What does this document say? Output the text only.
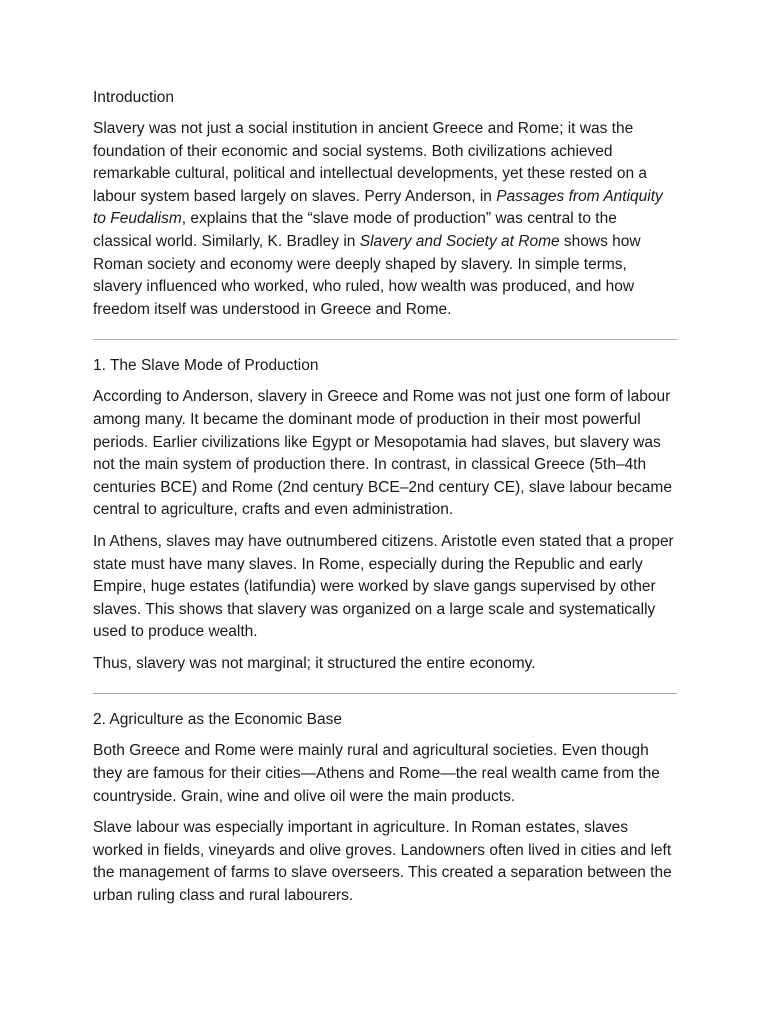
Introduction

Slavery was not just a social institution in ancient Greece and Rome; it was the foundation of their economic and social systems. Both civilizations achieved remarkable cultural, political and intellectual developments, yet these rested on a labour system based largely on slaves. Perry Anderson, in Passages from Antiquity to Feudalism, explains that the “slave mode of production” was central to the classical world. Similarly, K. Bradley in Slavery and Society at Rome shows how Roman society and economy were deeply shaped by slavery. In simple terms, slavery influenced who worked, who ruled, how wealth was produced, and how freedom itself was understood in Greece and Rome.

1. The Slave Mode of Production

According to Anderson, slavery in Greece and Rome was not just one form of labour among many. It became the dominant mode of production in their most powerful periods. Earlier civilizations like Egypt or Mesopotamia had slaves, but slavery was not the main system of production there. In contrast, in classical Greece (5th–4th centuries BCE) and Rome (2nd century BCE–2nd century CE), slave labour became central to agriculture, crafts and even administration.

In Athens, slaves may have outnumbered citizens. Aristotle even stated that a proper state must have many slaves. In Rome, especially during the Republic and early Empire, huge estates (latifundia) were worked by slave gangs supervised by other slaves. This shows that slavery was organized on a large scale and systematically used to produce wealth.

Thus, slavery was not marginal; it structured the entire economy.

2. Agriculture as the Economic Base

Both Greece and Rome were mainly rural and agricultural societies. Even though they are famous for their cities—Athens and Rome—the real wealth came from the countryside. Grain, wine and olive oil were the main products.

Slave labour was especially important in agriculture. In Roman estates, slaves worked in fields, vineyards and olive groves. Landowners often lived in cities and left the management of farms to slave overseers. This created a separation between the urban ruling class and rural labourers.
